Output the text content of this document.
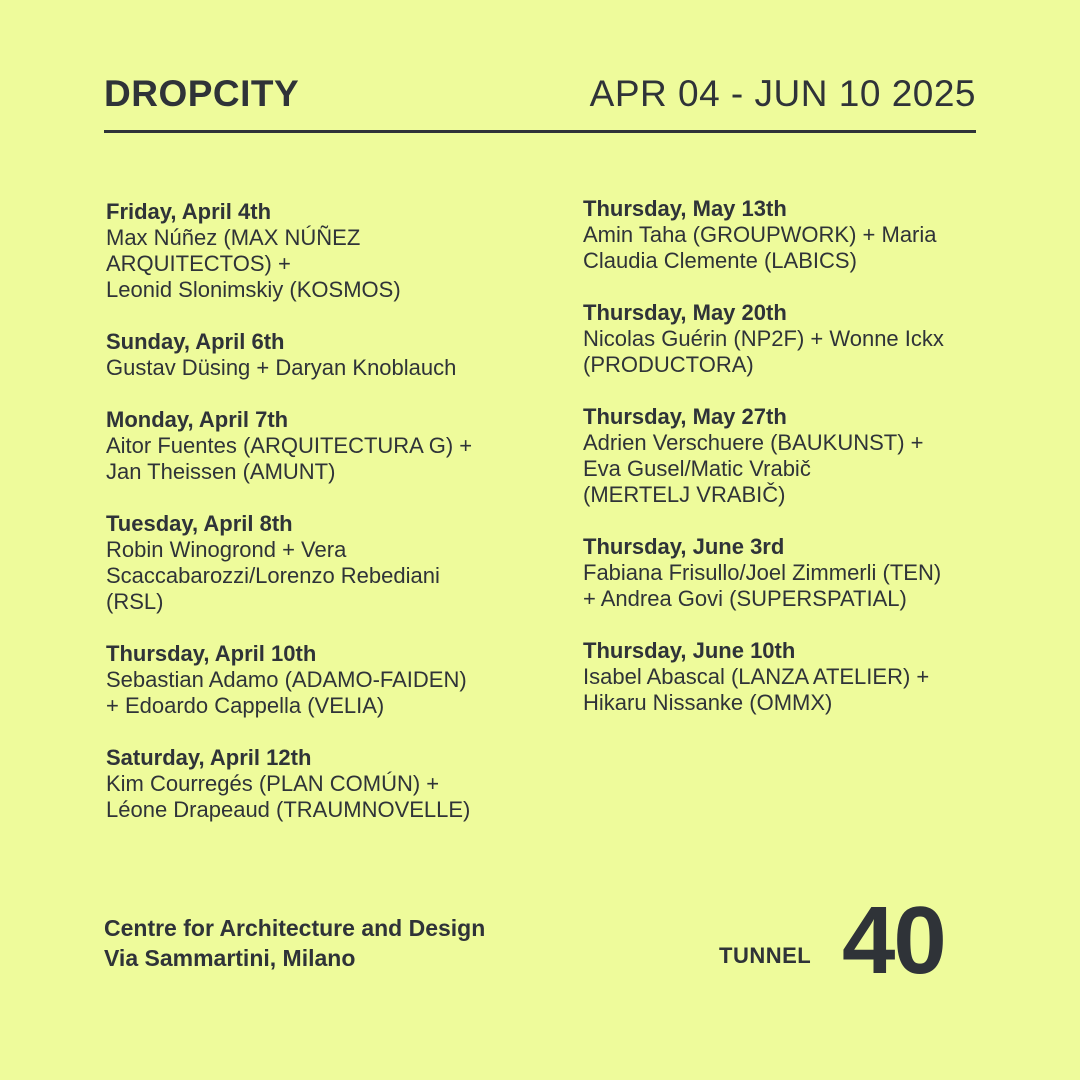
DROPCITY	APR 04 - JUN 10 2025
Friday, April 4th
Max Núñez (MAX NÚÑEZ
ARQUITECTOS) +
Leonid Slonimskiy (KOSMOS)
Sunday, April 6th
Gustav Düsing + Daryan Knoblauch
Monday, April 7th
Aitor Fuentes (ARQUITECTURA G) +
Jan Theissen (AMUNT)
Tuesday, April 8th
Robin Winogrond + Vera
Scaccabarozzi/Lorenzo Rebediani
(RSL)
Thursday, April 10th
Sebastian Adamo (ADAMO-FAIDEN)
+ Edoardo Cappella (VELIA)
Saturday, April 12th
Kim Courregés (PLAN COMÚN) +
Léone Drapeaud (TRAUMNOVELLE)
Thursday, May 13th
Amin Taha (GROUPWORK) + Maria
Claudia Clemente (LABICS)
Thursday, May 20th
Nicolas Guérin (NP2F) + Wonne Ickx
(PRODUCTORA)
Thursday, May 27th
Adrien Verschuere (BAUKUNST) +
Eva Gusel/Matic Vrabič
(MERTELJ VRABIČ)
Thursday, June 3rd
Fabiana Frisullo/Joel Zimmerli (TEN)
+ Andrea Govi (SUPERSPATIAL)
Thursday, June 10th
Isabel Abascal (LANZA ATELIER) +
Hikaru Nissanke (OMMX)
Centre for Architecture and Design
Via Sammartini, Milano	TUNNEL 40
